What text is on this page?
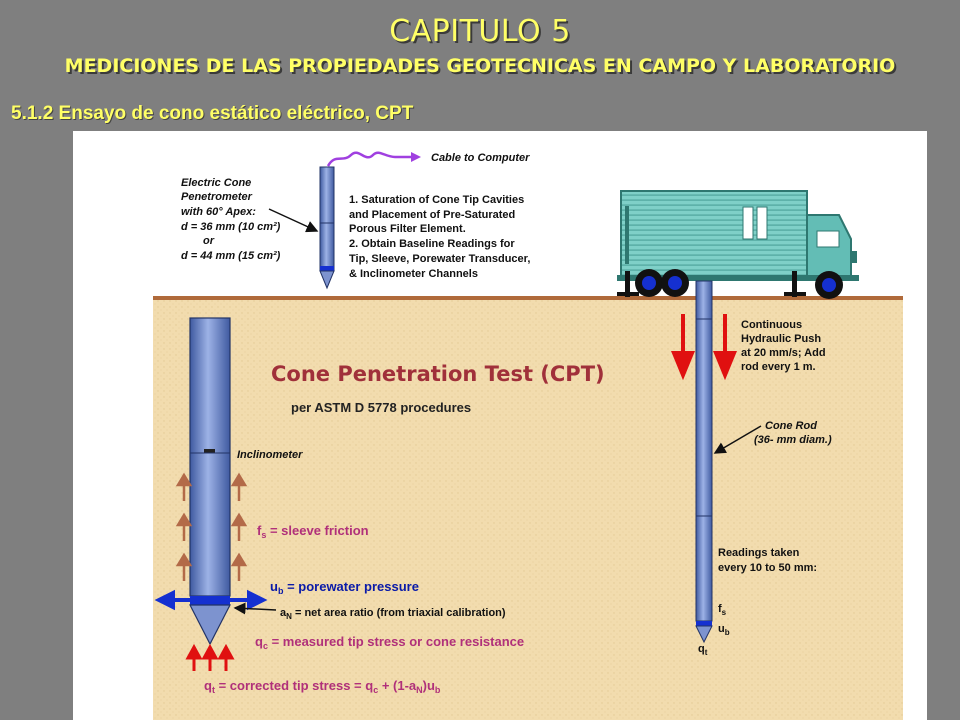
CAPITULO 5
MEDICIONES DE LAS PROPIEDADES GEOTECNICAS EN CAMPO Y LABORATORIO
5.1.2 Ensayo de cono estático eléctrico, CPT
Cable to Computer
Electric Cone
Penetrometer
with 60° Apex:
d = 36 mm (10 cm²)
or
d = 44 mm (15 cm²)
1. Saturation of Cone Tip Cavities
and Placement of Pre-Saturated
Porous Filter Element.
2. Obtain Baseline Readings for
Tip, Sleeve, Porewater Transducer,
& Inclinometer Channels
Inclinometer
Cone Penetration Test (CPT)
per ASTM D 5778 procedures
$f_s$ = sleeve friction
$u_b$ = porewater pressure
$a_N$ = net area ratio (from triaxial calibration)
$q_c$ = measured tip stress or cone resistance
$q_t$ = corrected tip stress = $q_c + (1-a_N)u_b$
Continuous
Hydraulic Push
at 20 mm/s; Add
rod every 1 m.
Cone Rod
(36- mm diam.)
Readings taken
every 10 to 50 mm:
$f_s$
$u_b$
$q_t$
